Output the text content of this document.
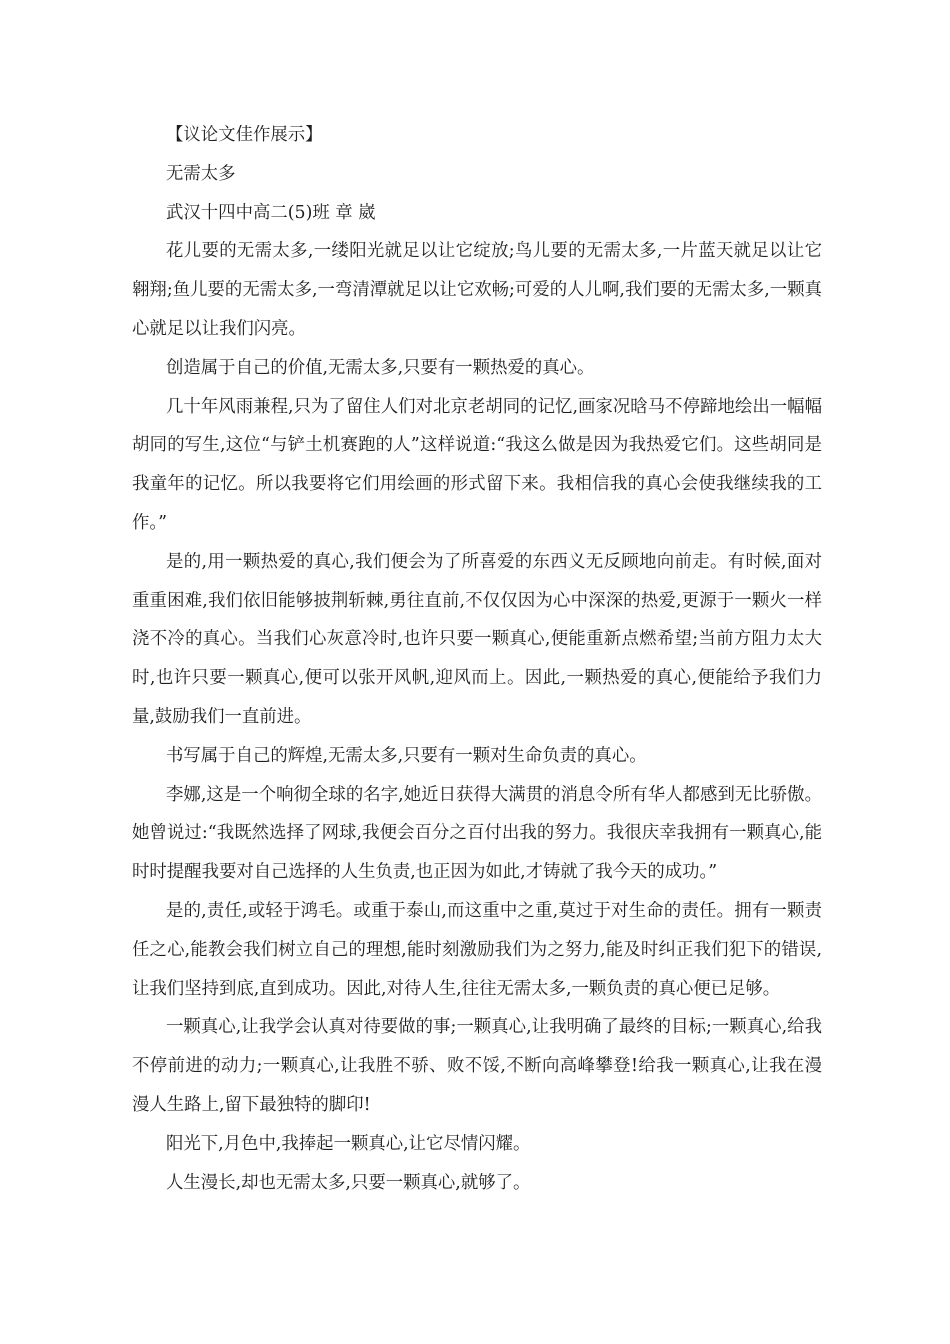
【议论文佳作展示】

无需太多

武汉十四中高二(5)班 章 崴

花儿要的无需太多,一缕阳光就足以让它绽放;鸟儿要的无需太多,一片蓝天就足以让它翱翔;鱼儿要的无需太多,一弯清潭就足以让它欢畅;可爱的人儿啊,我们要的无需太多,一颗真心就足以让我们闪亮。

创造属于自己的价值,无需太多,只要有一颗热爱的真心。

几十年风雨兼程,只为了留住人们对北京老胡同的记忆,画家况晗马不停蹄地绘出一幅幅胡同的写生,这位“与铲土机赛跑的人”这样说道:“我这么做是因为我热爱它们。这些胡同是我童年的记忆。所以我要将它们用绘画的形式留下来。我相信我的真心会使我继续我的工作。”

是的,用一颗热爱的真心,我们便会为了所喜爱的东西义无反顾地向前走。有时候,面对重重困难,我们依旧能够披荆斩棘,勇往直前,不仅仅因为心中深深的热爱,更源于一颗火一样浇不冷的真心。当我们心灰意冷时,也许只要一颗真心,便能重新点燃希望;当前方阻力太大时,也许只要一颗真心,便可以张开风帆,迎风而上。因此,一颗热爱的真心,便能给予我们力量,鼓励我们一直前进。

书写属于自己的辉煌,无需太多,只要有一颗对生命负责的真心。

李娜,这是一个响彻全球的名字,她近日获得大满贯的消息令所有华人都感到无比骄傲。她曾说过:“我既然选择了网球,我便会百分之百付出我的努力。我很庆幸我拥有一颗真心,能时时提醒我要对自己选择的人生负责,也正因为如此,才铸就了我今天的成功。”

是的,责任,或轻于鸿毛。或重于泰山,而这重中之重,莫过于对生命的责任。拥有一颗责任之心,能教会我们树立自己的理想,能时刻激励我们为之努力,能及时纠正我们犯下的错误,让我们坚持到底,直到成功。因此,对待人生,往往无需太多,一颗负责的真心便已足够。

一颗真心,让我学会认真对待要做的事;一颗真心,让我明确了最终的目标;一颗真心,给我不停前进的动力;一颗真心,让我胜不骄、败不馁,不断向高峰攀登!给我一颗真心,让我在漫漫人生路上,留下最独特的脚印!

阳光下,月色中,我捧起一颗真心,让它尽情闪耀。

人生漫长,却也无需太多,只要一颗真心,就够了。
